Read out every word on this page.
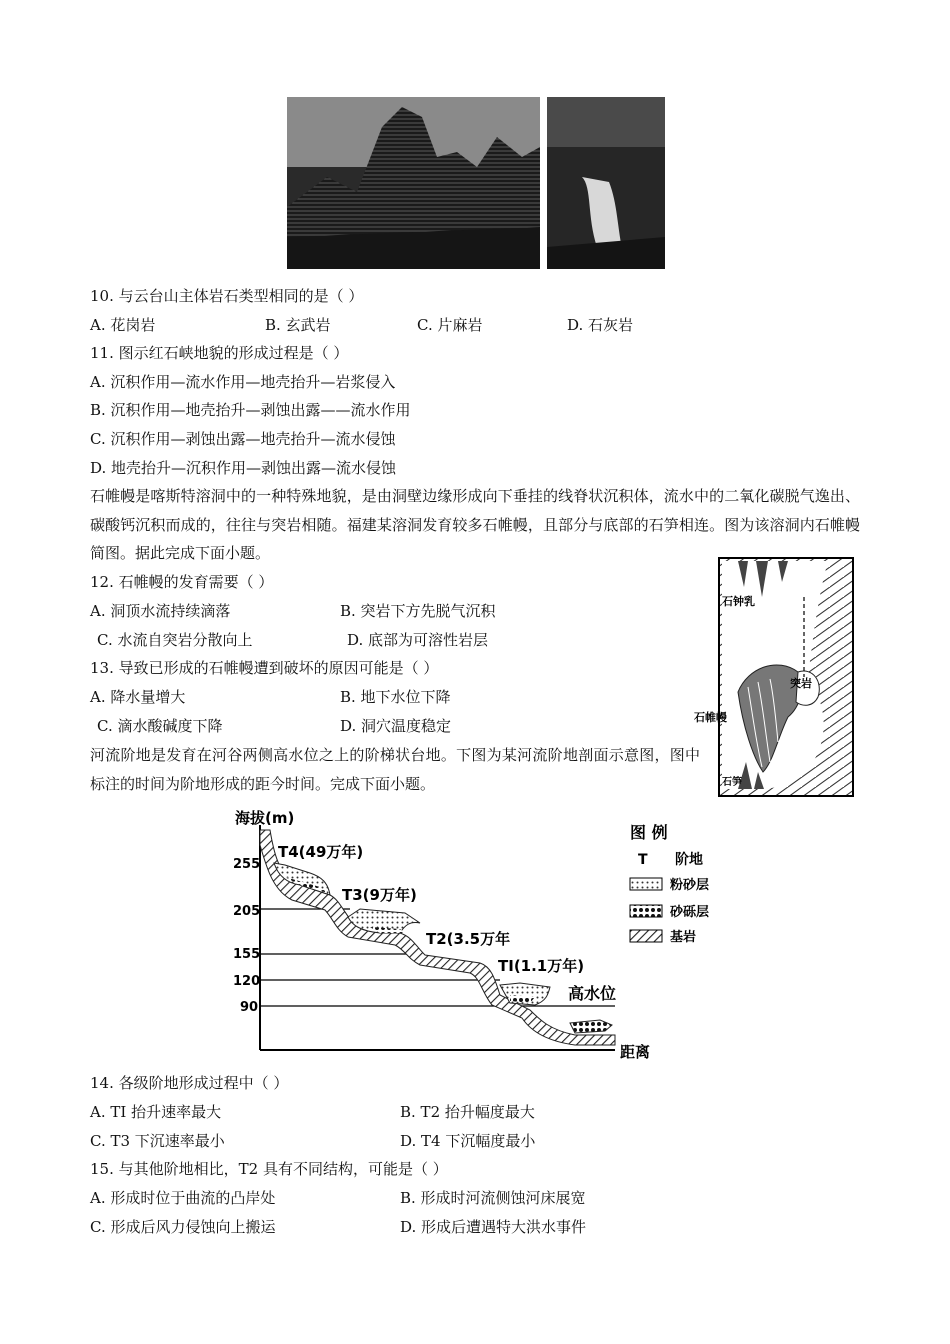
10. 与云台山主体岩石类型相同的是（ ）
A. 花岗岩	B. 玄武岩	C. 片麻岩	D. 石灰岩
11. 图示红石峡地貌的形成过程是（ ）
A. 沉积作用—流水作用—地壳抬升—岩浆侵入
B. 沉积作用—地壳抬升—剥蚀出露——流水作用
C. 沉积作用—剥蚀出露—地壳抬升—流水侵蚀
D. 地壳抬升—沉积作用—剥蚀出露—流水侵蚀
石帷幔是喀斯特溶洞中的一种特殊地貌，是由洞壁边缘形成向下垂挂的线脊状沉积体，流水中的二氧化碳脱气逸出、碳酸钙沉积而成的，往往与突岩相随。福建某溶洞发育较多石帷幔，且部分与底部的石笋相连。图为该溶洞内石帷幔简图。据此完成下面小题。
12. 石帷幔的发育需要（ ）
A. 洞顶水流持续滴落	B. 突岩下方先脱气沉积
C. 水流自突岩分散向上	D. 底部为可溶性岩层
13. 导致已形成的石帷幔遭到破坏的原因可能是（ ）
A. 降水量增大	B. 地下水位下降
C. 滴水酸碱度下降	D. 洞穴温度稳定
河流阶地是发育在河谷两侧高水位之上的阶梯状台地。下图为某河流阶地剖面示意图，图中标注的时间为阶地形成的距今时间。完成下面小题。
石钟乳
突岩
石帷幔
石笋
海拔(m)
距离
255
205
155
120
90
T4(49万年)
T3(9万年)
T2(3.5万年
TI(1.1万年)
高水位
图 例
T 阶地
粉砂层
砂砾层
基岩
14. 各级阶地形成过程中（ ）
A. TI 抬升速率最大	B. T2 抬升幅度最大
C. T3 下沉速率最小	D. T4 下沉幅度最小
15. 与其他阶地相比，T2 具有不同结构，可能是（ ）
A. 形成时位于曲流的凸岸处	B. 形成时河流侧蚀河床展宽
C. 形成后风力侵蚀向上搬运	D. 形成后遭遇特大洪水事件
